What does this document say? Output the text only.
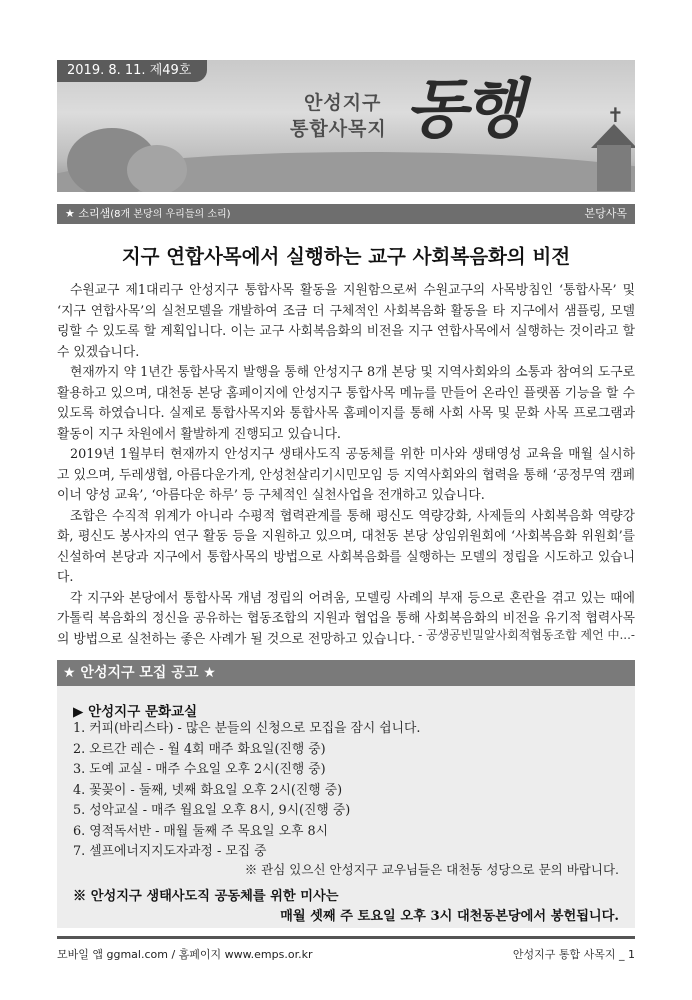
✝
2019. 8. 11. 제49호
안성지구
통합사목지 동행
★ 소리샘(8개 본당의 우리들의 소리)	본당사목
지구 연합사목에서 실행하는 교구 사회복음화의 비전

수원교구 제1대리구 안성지구 통합사목 활동을 지원함으로써 수원교구의 사목방침인 ‘통합사목’ 및 ‘지구 연합사목’의 실천모델을 개발하여 조금 더 구체적인 사회복음화 활동을 타 지구에서 샘플링, 모델링할 수 있도록 할 계획입니다. 이는 교구 사회복음화의 비전을 지구 연합사목에서 실행하는 것이라고 할 수 있겠습니다.

현재까지 약 1년간 통합사목지 발행을 통해 안성지구 8개 본당 및 지역사회와의 소통과 참여의 도구로 활용하고 있으며, 대천동 본당 홈페이지에 안성지구 통합사목 메뉴를 만들어 온라인 플랫폼 기능을 할 수 있도록 하였습니다. 실제로 통합사목지와 통합사목 홈페이지를 통해 사회 사목 및 문화 사목 프로그램과 활동이 지구 차원에서 활발하게 진행되고 있습니다.

2019년 1월부터 현재까지 안성지구 생태사도직 공동체를 위한 미사와 생태영성 교육을 매월 실시하고 있으며, 두레생협, 아름다운가게, 안성천살리기시민모임 등 지역사회와의 협력을 통해 ‘공정무역 캠페이너 양성 교육’, ‘아름다운 하루’ 등 구체적인 실천사업을 전개하고 있습니다.

조합은 수직적 위계가 아니라 수평적 협력관계를 통해 평신도 역량강화, 사제들의 사회복음화 역량강화, 평신도 봉사자의 연구 활동 등을 지원하고 있으며, 대천동 본당 상임위원회에 ‘사회복음화 위원회’를 신설하여 본당과 지구에서 통합사목의 방법으로 사회복음화를 실행하는 모델의 정립을 시도하고 있습니다.

각 지구와 본당에서 통합사목 개념 정립의 어려움, 모델링 사례의 부재 등으로 혼란을 겪고 있는 때에 가톨릭 복음화의 정신을 공유하는 협동조합의 지원과 협업을 통해 사회복음화의 비전을 유기적 협력사목의 방법으로 실천하는 좋은 사례가 될 것으로 전망하고 있습니다. - 공생공빈밀알사회적협동조합 제언 中...-
★ 안성지구 모집 공고 ★
▶ 안성지구 문화교실
1. 커피(바리스타) - 많은 분들의 신청으로 모집을 잠시 쉽니다.
2. 오르간 레슨 - 월 4회 매주 화요일(진행 중)
3. 도예 교실 - 매주 수요일 오후 2시(진행 중)
4. 꽃꽂이 - 둘째, 넷째 화요일 오후 2시(진행 중)
5. 성악교실 - 매주 월요일 오후 8시, 9시(진행 중)
6. 영적독서반 - 매월 둘째 주 목요일 오후 8시
7. 셀프에너지지도자과정 - 모집 중
※ 관심 있으신 안성지구 교우님들은 대천동 성당으로 문의 바랍니다.
※ 안성지구 생태사도직 공동체를 위한 미사는
매월 셋째 주 토요일 오후 3시 대천동본당에서 봉헌됩니다.
모바일 앱 ggmal.com / 홈페이지 www.emps.or.kr	안성지구 통합 사목지 _ 1
